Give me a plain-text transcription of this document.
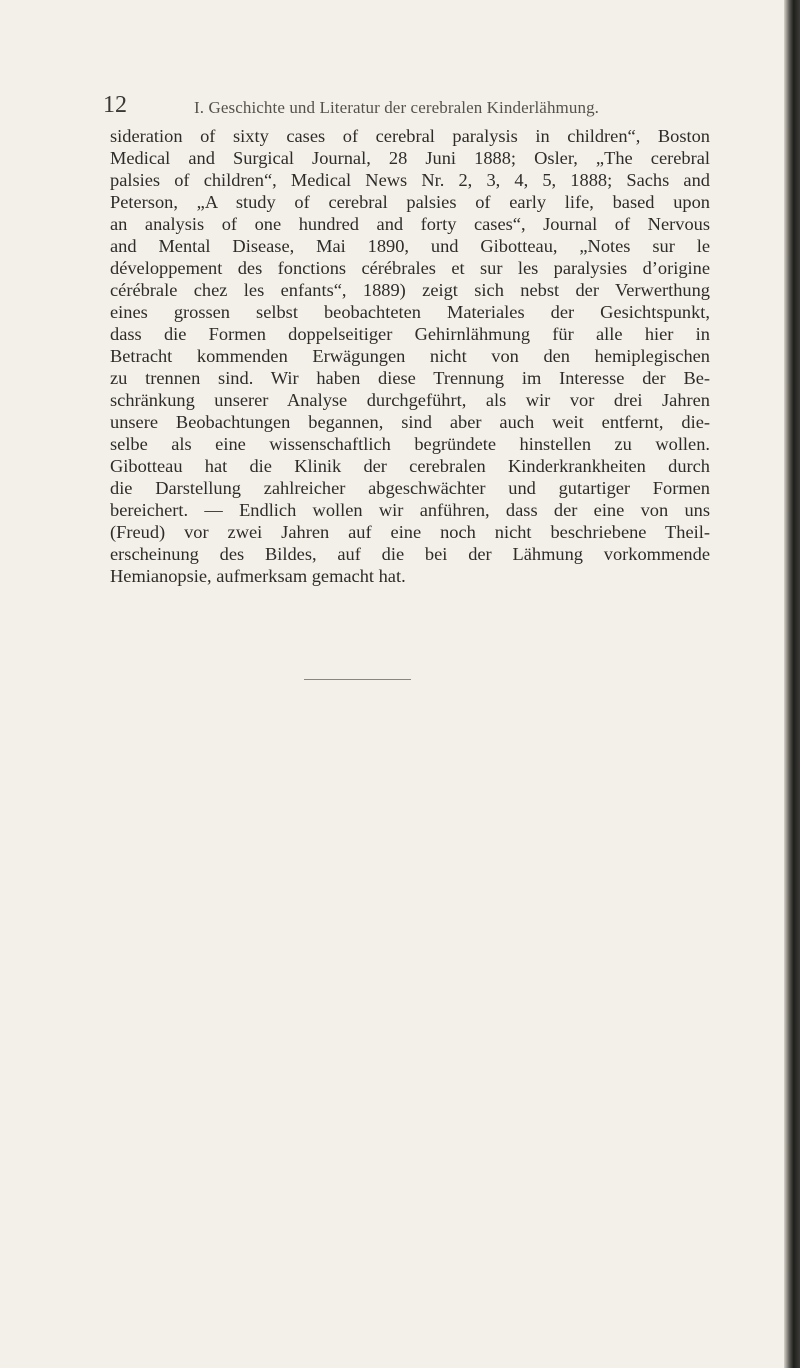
12	I. Geschichte und Literatur der cerebralen Kinderlähmung.
sideration of sixty cases of cerebral paralysis in children“, Boston
Medical and Surgical Journal, 28 Juni 1888; Osler, „The cerebral
palsies of children“, Medical News Nr. 2, 3, 4, 5, 1888; Sachs and
Peterson, „A study of cerebral palsies of early life, based upon
an analysis of one hundred and forty cases“, Journal of Nervous
and Mental Disease, Mai 1890, und Gibotteau, „Notes sur le
développement des fonctions cérébrales et sur les paralysies d’origine
cérébrale chez les enfants“, 1889) zeigt sich nebst der Verwerthung
eines grossen selbst beobachteten Materiales der Gesichtspunkt,
dass die Formen doppelseitiger Gehirnlähmung für alle hier in
Betracht kommenden Erwägungen nicht von den hemiplegischen
zu trennen sind. Wir haben diese Trennung im Interesse der Be-
schränkung unserer Analyse durchgeführt, als wir vor drei Jahren
unsere Beobachtungen begannen, sind aber auch weit entfernt, die-
selbe als eine wissenschaftlich begründete hinstellen zu wollen.
Gibotteau hat die Klinik der cerebralen Kinderkrankheiten durch
die Darstellung zahlreicher abgeschwächter und gutartiger Formen
bereichert. — Endlich wollen wir anführen, dass der eine von uns
(Freud) vor zwei Jahren auf eine noch nicht beschriebene Theil-
erscheinung des Bildes, auf die bei der Lähmung vorkommende
Hemianopsie, aufmerksam gemacht hat.
